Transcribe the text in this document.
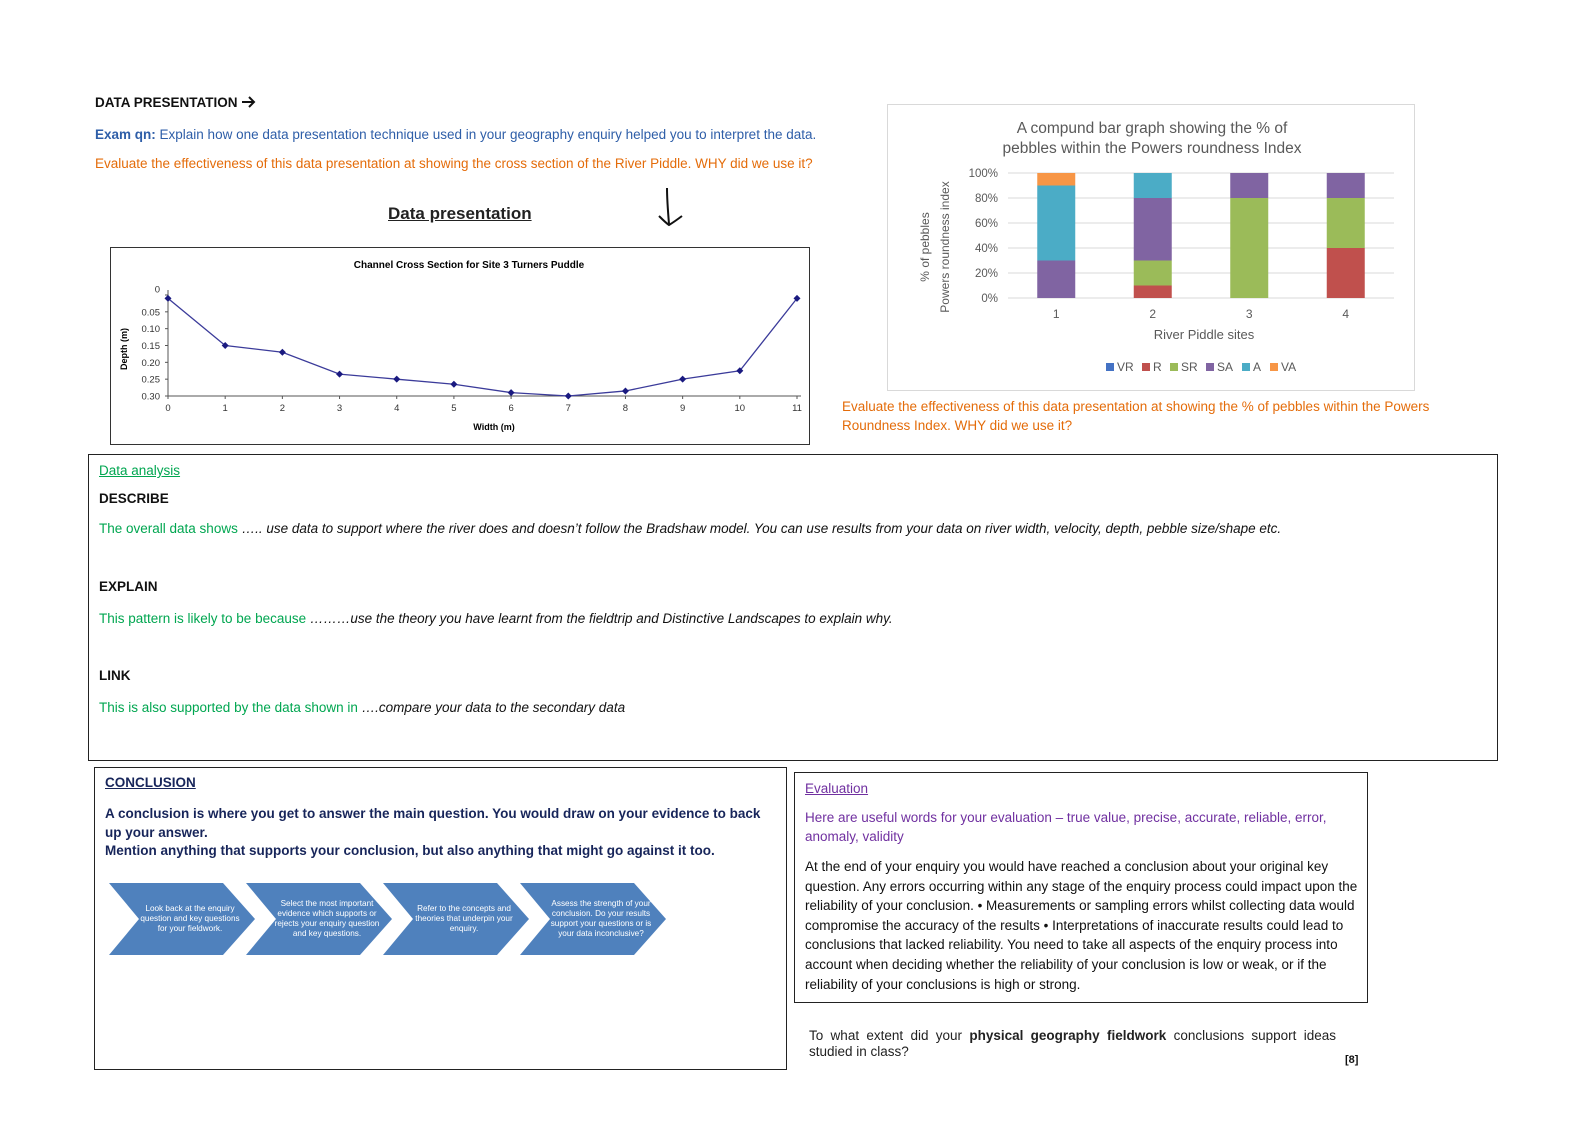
DATA PRESENTATION
Exam qn: Explain how one data presentation technique used in your geography enquiry helped you to interpret the data.
Evaluate the effectiveness of this data presentation at showing the cross section of the River Piddle. WHY did we use it?
Data presentation
Channel Cross Section for Site 3 Turners Puddle
Depth (m)
Width (m)
0
0.05
0.10
0.15
0.20
0.25
0.30
0	1	2	3	4	5	6	7	8	9	10	11
A compund bar graph showing the % of
pebbles within the Powers roundness Index
% of pebbles Powers roundness index
River Piddle sites
0%
20%
40%
60%
80%
100%
1	2	3	4
VR R SR SA A VA
Evaluate the effectiveness of this data presentation at showing the % of pebbles within the Powers Roundness Index. WHY did we use it?
Data analysis
DESCRIBE
The overall data shows ….. use data to support where the river does and doesn’t follow the Bradshaw model. You can use results from your data on river width, velocity, depth, pebble size/shape etc.
EXPLAIN
This pattern is likely to be because ………use the theory you have learnt from the fieldtrip and Distinctive Landscapes to explain why.
LINK
This is also supported by the data shown in ….compare your data to the secondary data
CONCLUSION
A conclusion is where you get to answer the main question. You would draw on your evidence to back up your answer.
Mention anything that supports your conclusion, but also anything that might go against it too.
Look back at the enquiry question and key questions for your fieldwork.
Select the most important evidence which supports or rejects your enquiry question and key questions.
Refer to the concepts and theories that underpin your enquiry.
Assess the strength of your conclusion. Do your results support your questions or is your data inconclusive?
Evaluation
Here are useful words for your evaluation – true value, precise, accurate, reliable, error, anomaly, validity
At the end of your enquiry you would have reached a conclusion about your original key question. Any errors occurring within any stage of the enquiry process could impact upon the reliability of your conclusion. • Measurements or sampling errors whilst collecting data would compromise the accuracy of the results • Interpretations of inaccurate results could lead to conclusions that lacked reliability. You need to take all aspects of the enquiry process into account when deciding whether the reliability of your conclusion is low or weak, or if the reliability of your conclusions is high or strong.
To what extent did your physical geography fieldwork conclusions support ideas studied in class?
[8]
